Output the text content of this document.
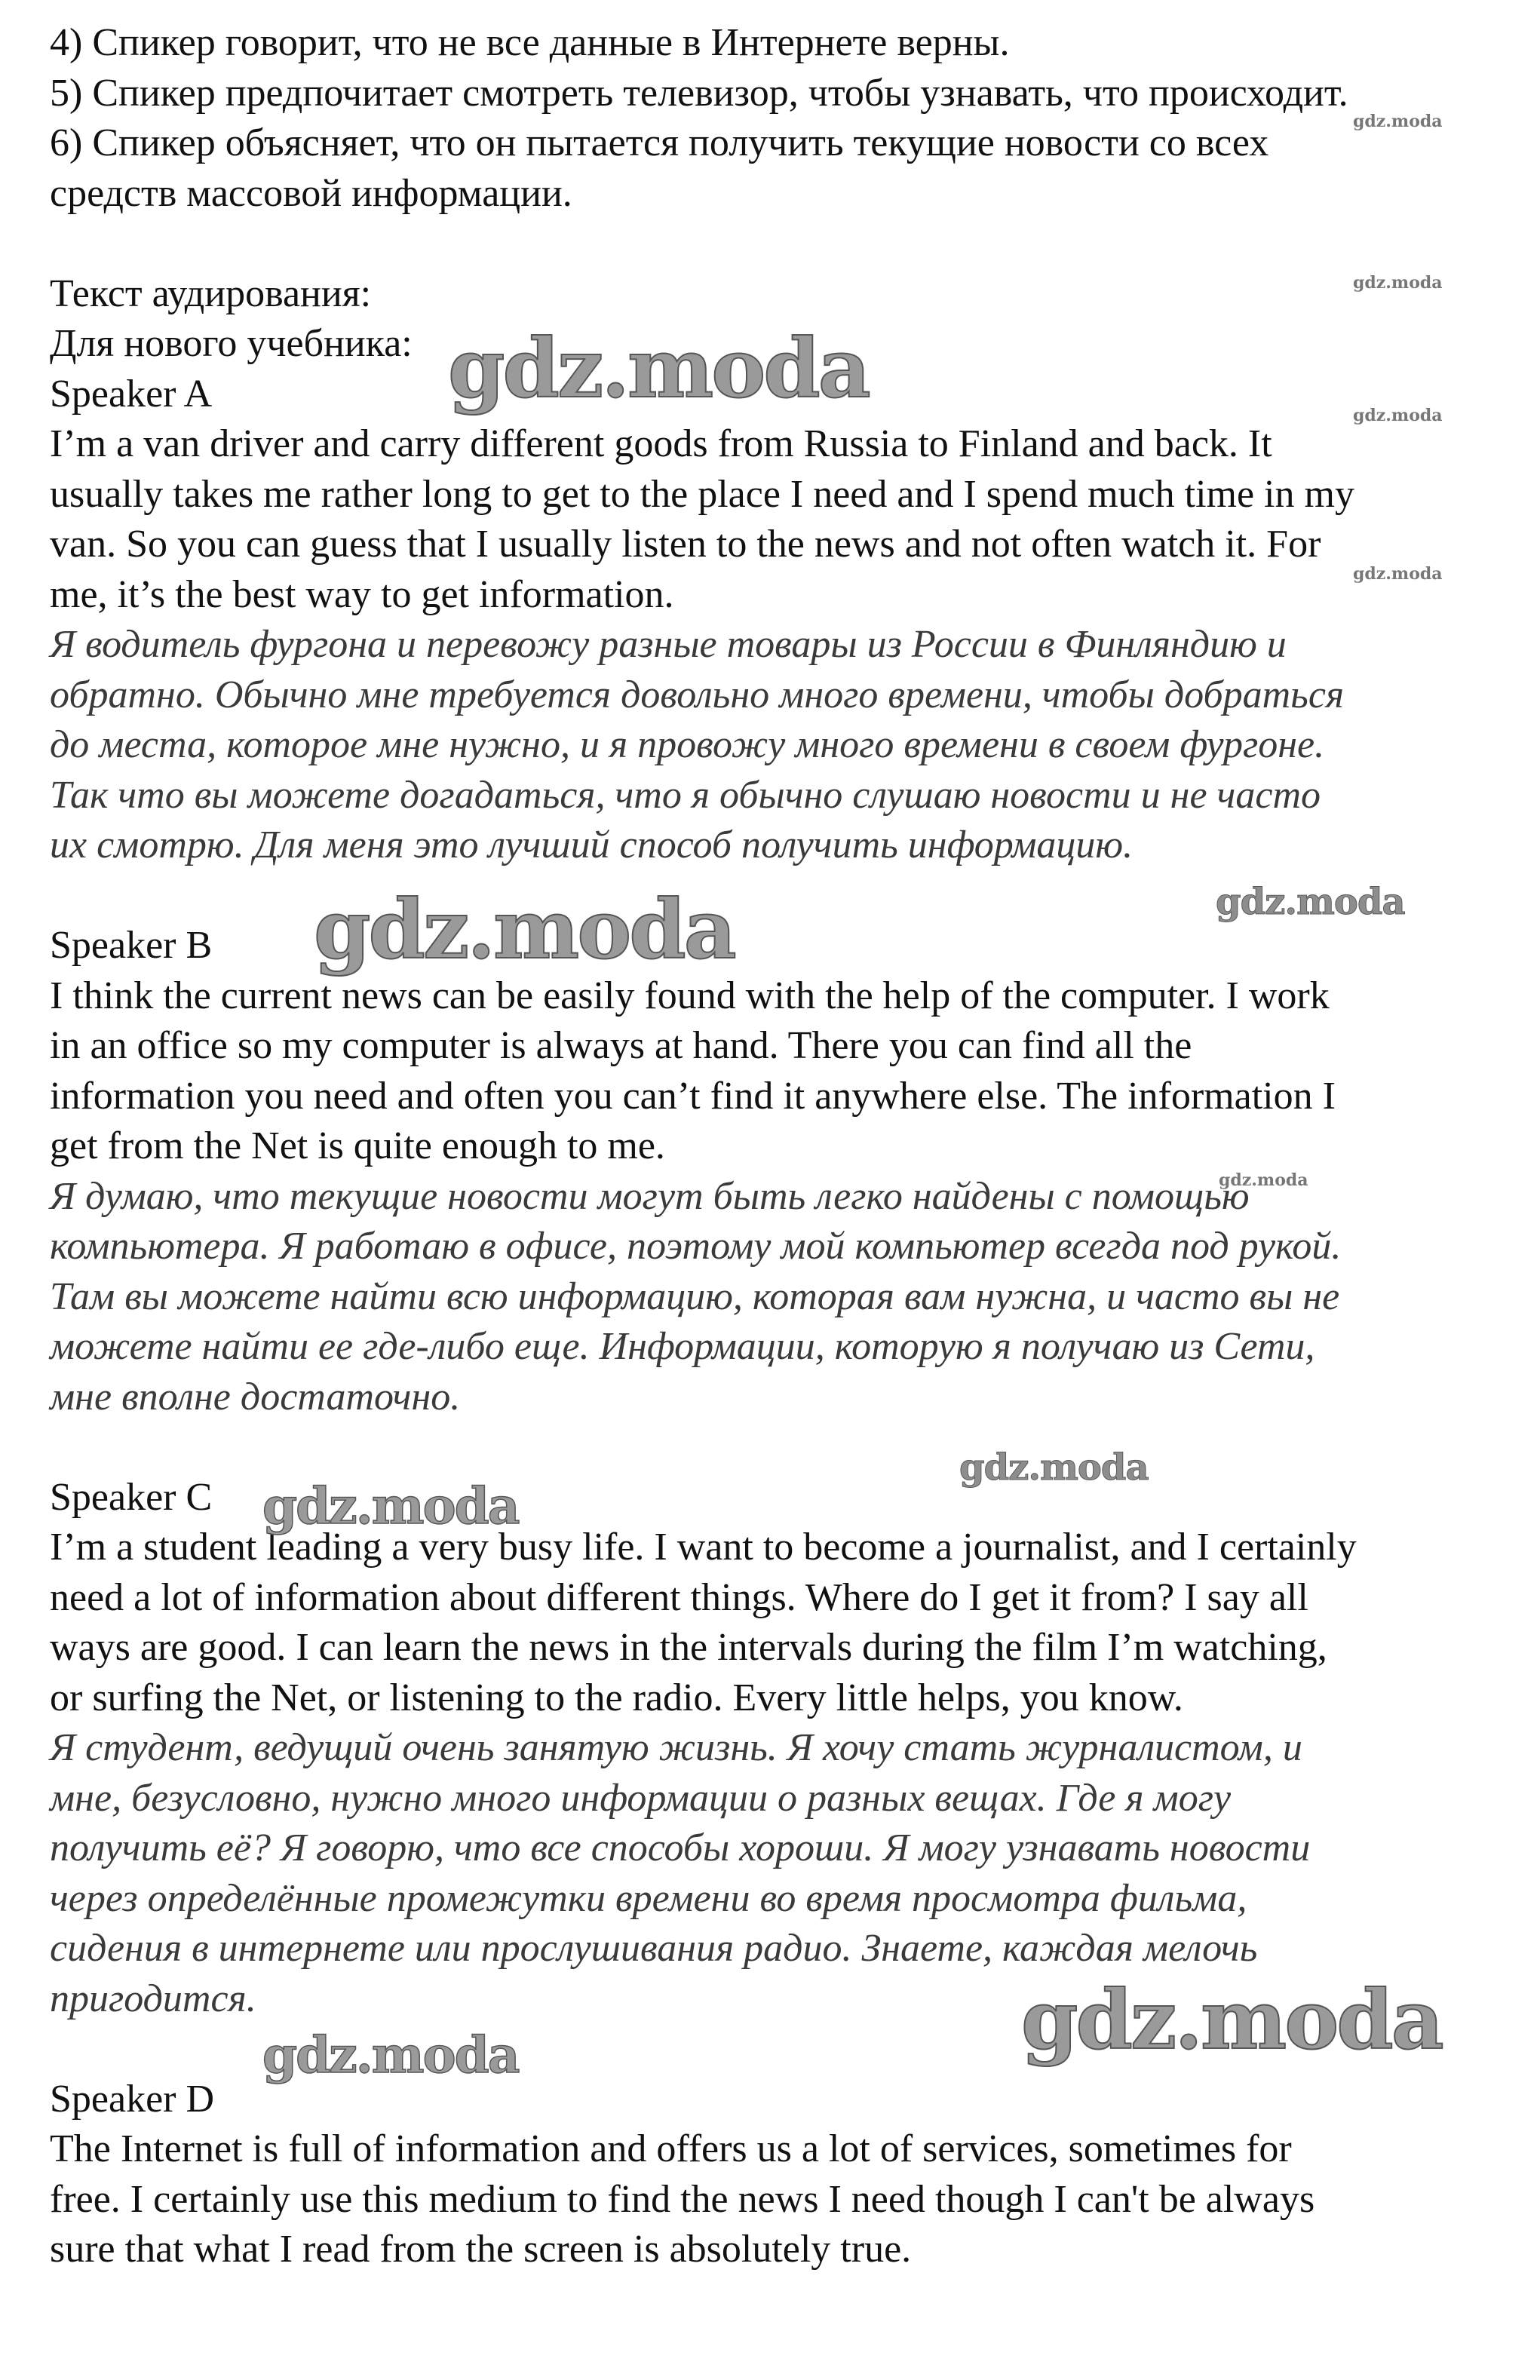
4) Спикер говорит, что не все данные в Интернете верны.
5) Спикер предпочитает смотреть телевизор, чтобы узнавать, что происходит.
6) Спикер объясняет, что он пытается получить текущие новости со всех
средств массовой информации.
Текст аудирования:
Для нового учебника:
Speaker A
I’m a van driver and carry different goods from Russia to Finland and back. It
usually takes me rather long to get to the place I need and I spend much time in my
van. So you can guess that I usually listen to the news and not often watch it. For
me, it’s the best way to get information.
Я водитель фургона и перевожу разные товары из России в Финляндию и
обратно. Обычно мне требуется довольно много времени, чтобы добраться
до места, которое мне нужно, и я провожу много времени в своем фургоне.
Так что вы можете догадаться, что я обычно слушаю новости и не часто
их смотрю. Для меня это лучший способ получить информацию.
Speaker B
I think the current news can be easily found with the help of the computer. I work
in an office so my computer is always at hand. There you can find all the
information you need and often you can’t find it anywhere else. The information I
get from the Net is quite enough to me.
Я думаю, что текущие новости могут быть легко найдены с помощью
компьютера. Я работаю в офисе, поэтому мой компьютер всегда под рукой.
Там вы можете найти всю информацию, которая вам нужна, и часто вы не
можете найти ее где-либо еще. Информации, которую я получаю из Сети,
мне вполне достаточно.
Speaker C
I’m a student leading a very busy life. I want to become a journalist, and I certainly
need a lot of information about different things. Where do I get it from? I say all
ways are good. I can learn the news in the intervals during the film I’m watching,
or surfing the Net, or listening to the radio. Every little helps, you know.
Я студент, ведущий очень занятую жизнь. Я хочу стать журналистом, и
мне, безусловно, нужно много информации о разных вещах. Где я могу
получить её? Я говорю, что все способы хороши. Я могу узнавать новости
через определённые промежутки времени во время просмотра фильма,
сидения в интернете или прослушивания радио. Знаете, каждая мелочь
пригодится.
Speaker D
The Internet is full of information and offers us a lot of services, sometimes for
free. I certainly use this medium to find the news I need though I can't be always
sure that what I read from the screen is absolutely true.
gdz.moda
gdz.moda
gdz.moda	gdz.moda
gdz.moda
gdz.moda	gdz.moda
gdz.moda
gdz.moda
gdz.moda
gdz.moda
gdz.moda
